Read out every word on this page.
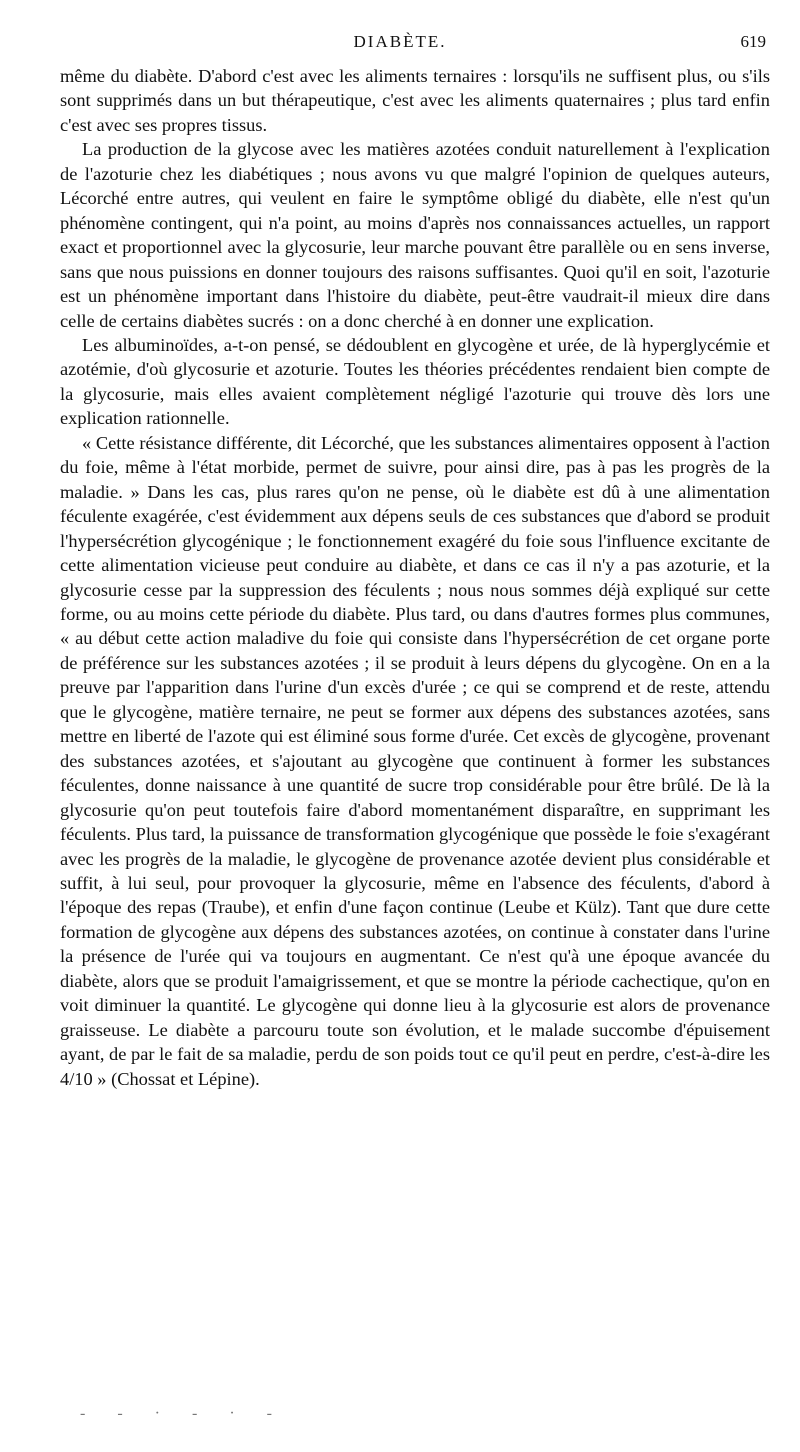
DIABÈTE.	619

même du diabète. D'abord c'est avec les aliments ternaires : lorsqu'ils ne suffisent plus, ou s'ils sont supprimés dans un but thérapeutique, c'est avec les aliments quaternaires ; plus tard enfin c'est avec ses propres tissus.

La production de la glycose avec les matières azotées conduit naturellement à l'explication de l'azoturie chez les diabétiques ; nous avons vu que malgré l'opinion de quelques auteurs, Lécorché entre autres, qui veulent en faire le symptôme obligé du diabète, elle n'est qu'un phénomène contingent, qui n'a point, au moins d'après nos connaissances actuelles, un rapport exact et proportionnel avec la glycosurie, leur marche pouvant être parallèle ou en sens inverse, sans que nous puissions en donner toujours des raisons suffisantes. Quoi qu'il en soit, l'azoturie est un phénomène important dans l'histoire du diabète, peut-être vaudrait-il mieux dire dans celle de certains diabètes sucrés : on a donc cherché à en donner une explication.

Les albuminoïdes, a-t-on pensé, se dédoublent en glycogène et urée, de là hyperglycémie et azotémie, d'où glycosurie et azoturie. Toutes les théories précédentes rendaient bien compte de la glycosurie, mais elles avaient complètement négligé l'azoturie qui trouve dès lors une explication rationnelle.

« Cette résistance différente, dit Lécorché, que les substances alimentaires opposent à l'action du foie, même à l'état morbide, permet de suivre, pour ainsi dire, pas à pas les progrès de la maladie. » Dans les cas, plus rares qu'on ne pense, où le diabète est dû à une alimentation féculente exagérée, c'est évidemment aux dépens seuls de ces substances que d'abord se produit l'hypersécrétion glycogénique ; le fonctionnement exagéré du foie sous l'influence excitante de cette alimentation vicieuse peut conduire au diabète, et dans ce cas il n'y a pas azoturie, et la glycosurie cesse par la suppression des féculents ; nous nous sommes déjà expliqué sur cette forme, ou au moins cette période du diabète. Plus tard, ou dans d'autres formes plus communes, « au début cette action maladive du foie qui consiste dans l'hypersécrétion de cet organe porte de préférence sur les substances azotées ; il se produit à leurs dépens du glycogène. On en a la preuve par l'apparition dans l'urine d'un excès d'urée ; ce qui se comprend et de reste, attendu que le glycogène, matière ternaire, ne peut se former aux dépens des substances azotées, sans mettre en liberté de l'azote qui est éliminé sous forme d'urée. Cet excès de glycogène, provenant des substances azotées, et s'ajoutant au glycogène que continuent à former les substances féculentes, donne naissance à une quantité de sucre trop considérable pour être brûlé. De là la glycosurie qu'on peut toutefois faire d'abord momentanément disparaître, en supprimant les féculents. Plus tard, la puissance de transformation glycogénique que possède le foie s'exagérant avec les progrès de la maladie, le glycogène de provenance azotée devient plus considérable et suffit, à lui seul, pour provoquer la glycosurie, même en l'absence des féculents, d'abord à l'époque des repas (Traube), et enfin d'une façon continue (Leube et Külz). Tant que dure cette formation de glycogène aux dépens des substances azotées, on continue à constater dans l'urine la présence de l'urée qui va toujours en augmentant. Ce n'est qu'à une époque avancée du diabète, alors que se produit l'amaigrissement, et que se montre la période cachectique, qu'on en voit diminuer la quantité. Le glycogène qui donne lieu à la glycosurie est alors de provenance graisseuse. Le diabète a parcouru toute son évolution, et le malade succombe d'épuisement ayant, de par le fait de sa maladie, perdu de son poids tout ce qu'il peut en perdre, c'est-à-dire les 4/10 » (Chossat et Lépine).

- - · - · -
